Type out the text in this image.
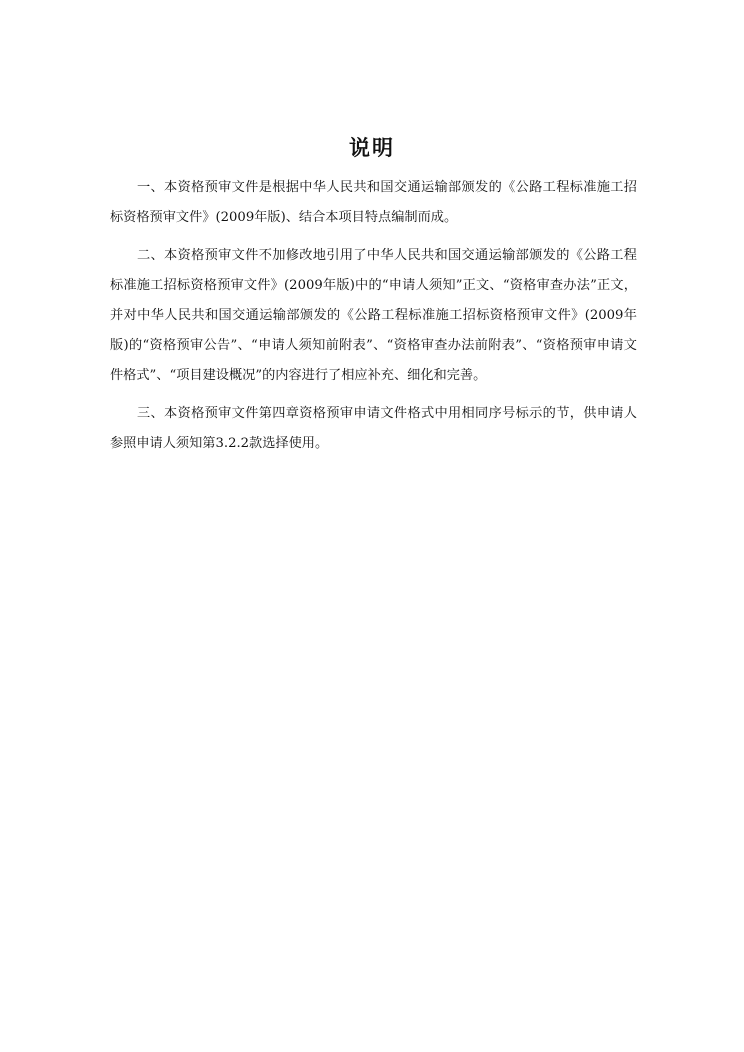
说明

一、本资格预审文件是根据中华人民共和国交通运输部颁发的《公路工程标准施工招标资格预审文件》(2009年版)、结合本项目特点编制而成。

二、本资格预审文件不加修改地引用了中华人民共和国交通运输部颁发的《公路工程标准施工招标资格预审文件》(2009年版)中的“申请人须知”正文、“资格审查办法”正文，并对中华人民共和国交通运输部颁发的《公路工程标准施工招标资格预审文件》(2009年版)的“资格预审公告”、“申请人须知前附表”、“资格审查办法前附表”、“资格预审申请文件格式”、“项目建设概况”的内容进行了相应补充、细化和完善。

三、本资格预审文件第四章资格预审申请文件格式中用相同序号标示的节，供申请人参照申请人须知第3.2.2款选择使用。
